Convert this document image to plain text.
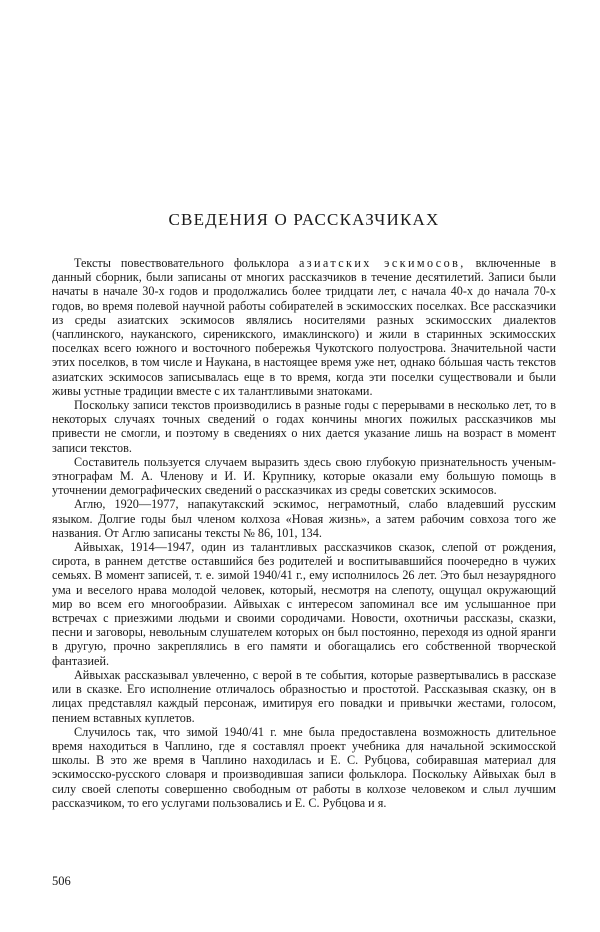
СВЕДЕНИЯ О РАССКАЗЧИКАХ

Тексты повествовательного фольклора азиатских эскимосов, включенные в данный сборник, были записаны от многих рассказчиков в течение десятилетий. Записи были начаты в начале 30-х годов и продолжались более тридцати лет, с начала 40-х до начала 70-х годов, во время полевой научной работы собирателей в эскимосских поселках. Все рассказчики из среды азиатских эскимосов являлись носителями разных эскимосских диалектов (чаплинского, науканского, сиреникского, имаклинского) и жили в старинных эскимосских поселках всего южного и восточного побережья Чукотского полуострова. Значительной части этих поселков, в том числе и Наукана, в настоящее время уже нет, однако бóльшая часть текстов азиатских эскимосов записывалась еще в то время, когда эти поселки существовали и были живы устные традиции вместе с их талантливыми знатоками.

Поскольку записи текстов производились в разные годы с перерывами в несколько лет, то в некоторых случаях точных сведений о годах кончины многих пожилых рассказчиков мы привести не смогли, и поэтому в сведениях о них дается указание лишь на возраст в момент записи текстов.

Составитель пользуется случаем выразить здесь свою глубокую признательность ученым-этнографам М. А. Членову и И. И. Крупнику, которые оказали ему большую помощь в уточнении демографических сведений о рассказчиках из среды советских эскимосов.

Аглю, 1920—1977, напакутакский эскимос, неграмотный, слабо владевший русским языком. Долгие годы был членом колхоза «Новая жизнь», а затем рабочим совхоза того же названия. От Аглю записаны тексты № 86, 101, 134.

Айвыхак, 1914—1947, один из талантливых рассказчиков сказок, слепой от рождения, сирота, в раннем детстве оставшийся без родителей и воспитывавшийся поочередно в чужих семьях. В момент записей, т. е. зимой 1940/41 г., ему исполнилось 26 лет. Это был незаурядного ума и веселого нрава молодой человек, который, несмотря на слепоту, ощущал окружающий мир во всем его многообразии. Айвыхак с интересом запоминал все им услышанное при встречах с приезжими людьми и своими сородичами. Новости, охотничьи рассказы, сказки, песни и заговоры, невольным слушателем которых он был постоянно, переходя из одной яранги в другую, прочно закреплялись в его памяти и обогащались его собственной творческой фантазией.

Айвыхак рассказывал увлеченно, с верой в те события, которые развертывались в рассказе или в сказке. Его исполнение отличалось образностью и простотой. Рассказывая сказку, он в лицах представлял каждый персонаж, имитируя его повадки и привычки жестами, голосом, пением вставных куплетов.

Случилось так, что зимой 1940/41 г. мне была предоставлена возможность длительное время находиться в Чаплино, где я составлял проект учебника для начальной эскимосской школы. В это же время в Чаплино находилась и Е. С. Рубцова, собиравшая материал для эскимосско-русского словаря и производившая записи фольклора. Поскольку Айвыхак был в силу своей слепоты совершенно свободным от работы в колхозе человеком и слыл лучшим рассказчиком, то его услугами пользовались и Е. С. Рубцова и я.

506
